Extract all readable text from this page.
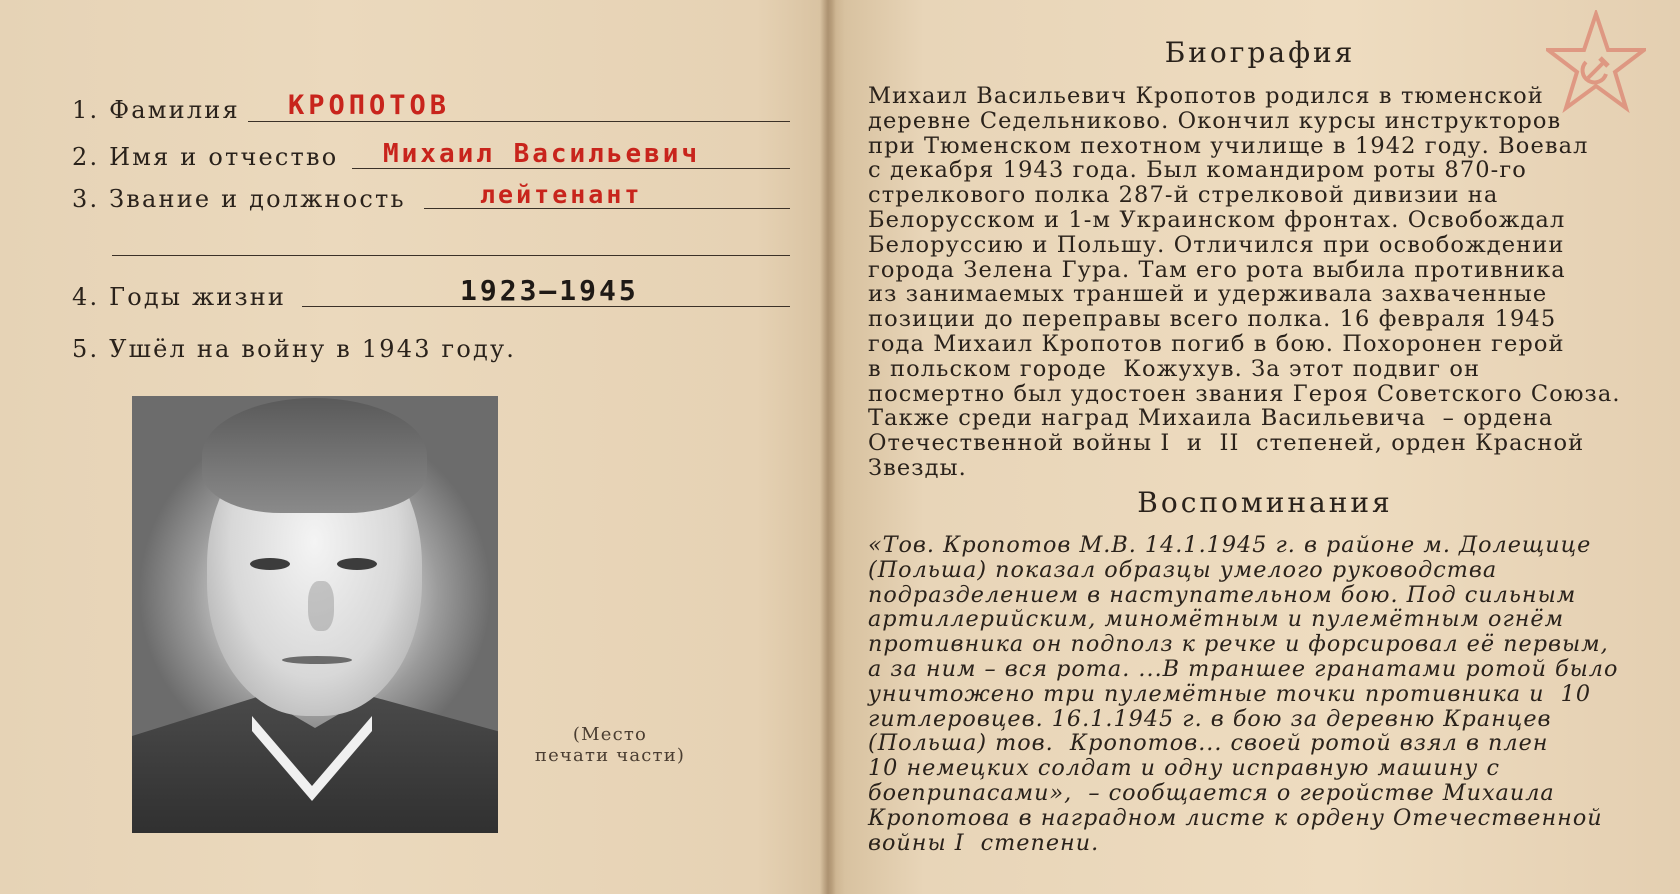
1. Фамилия КРОПОТОВ
2. Имя и отчество Михаил Васильевич
3. Звание и должность	лейтенант
4. Годы жизни	1923—1945
5. Ушёл на войну в 1943 году.
(Место
печати части)
Биография
Михаил Васильевич Кропотов родился в тюменской
деревне Седельниково. Окончил курсы инструкторов
при Тюменском пехотном училище в 1942 году. Воевал
с декабря 1943 года. Был командиром роты 870-го
стрелкового полка 287-й стрелковой дивизии на
Белорусском и 1-м Украинском фронтах. Освобождал
Белоруссию и Польшу. Отличился при освобождении
города Зелена Гура. Там его рота выбила противника
из занимаемых траншей и удерживала захваченные
позиции до переправы всего полка. 16 февраля 1945
года Михаил Кропотов погиб в бою. Похоронен герой
в польском городе  Кожухув. За этот подвиг он
посмертно был удостоен звания Героя Советского Союза.
Также среди наград Михаила Васильевича  – ордена
Отечественной войны I  и  II  степеней, орден Красной
Звезды.
Воспоминания
«Тов. Кропотов М.В. 14.1.1945 г. в районе м. Долещице
(Польша) показал образцы умелого руководства
подразделением в наступательном бою. Под сильным
артиллерийским, миномётным и пулемётным огнём
противника он подполз к речке и форсировал её первым,
а за ним – вся рота. ...В траншее гранатами ротой было
уничтожено три пулемётные точки противника и  10
гитлеровцев. 16.1.1945 г. в бою за деревню Кранцев
(Польша) тов.  Кропотов... своей ротой взял в плен
10 немецких солдат и одну исправную машину с
боеприпасами»,  – сообщается о геройстве Михаила
Кропотова в наградном листе к ордену Отечественной
войны I  степени.
